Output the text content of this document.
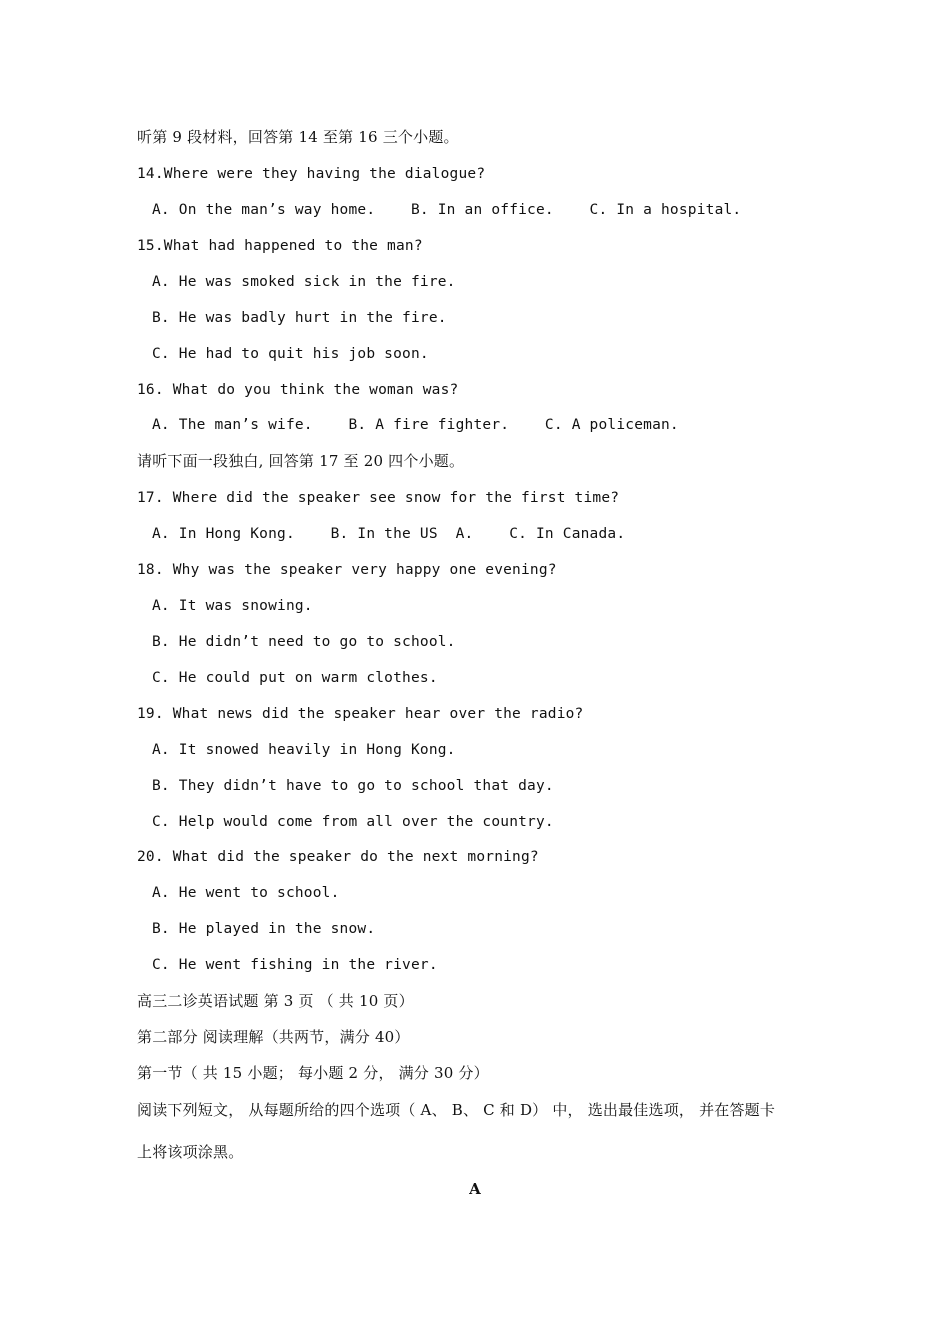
听第 9 段材料，回答第 14 至第 16 三个小题。
14.Where were they having the dialogue?
A. On the man’s way home.    B. In an office.    C. In a hospital.
15.What had happened to the man?
A. He was smoked sick in the fire.
B. He was badly hurt in the fire.
C. He had to quit his job soon.
16. What do you think the woman was?
A. The man’s wife.    B. A fire fighter.    C. A policeman.
请听下面一段独白, 回答第 17 至 20 四个小题。
17. Where did the speaker see snow for the first time?
A. In Hong Kong.    B. In the US  A.    C. In Canada.
18. Why was the speaker very happy one evening?
A. It was snowing.
B. He didn’t need to go to school.
C. He could put on warm clothes.
19. What news did the speaker hear over the radio?
A. It snowed heavily in Hong Kong.
B. They didn’t have to go to school that day.
C. Help would come from all over the country.
20. What did the speaker do the next morning?
A. He went to school.
B. He played in the snow.
C. He went fishing in the river.
高三二诊英语试题 第 3 页 （ 共 10 页）
第二部分 阅读理解（共两节，满分 40）
第一节（ 共 15 小题； 每小题 2 分， 满分 30 分）
阅读下列短文， 从每题所给的四个选项（ A、 B、 C 和 D） 中， 选出最佳选项， 并在答题卡
上将该项涂黑。
A
